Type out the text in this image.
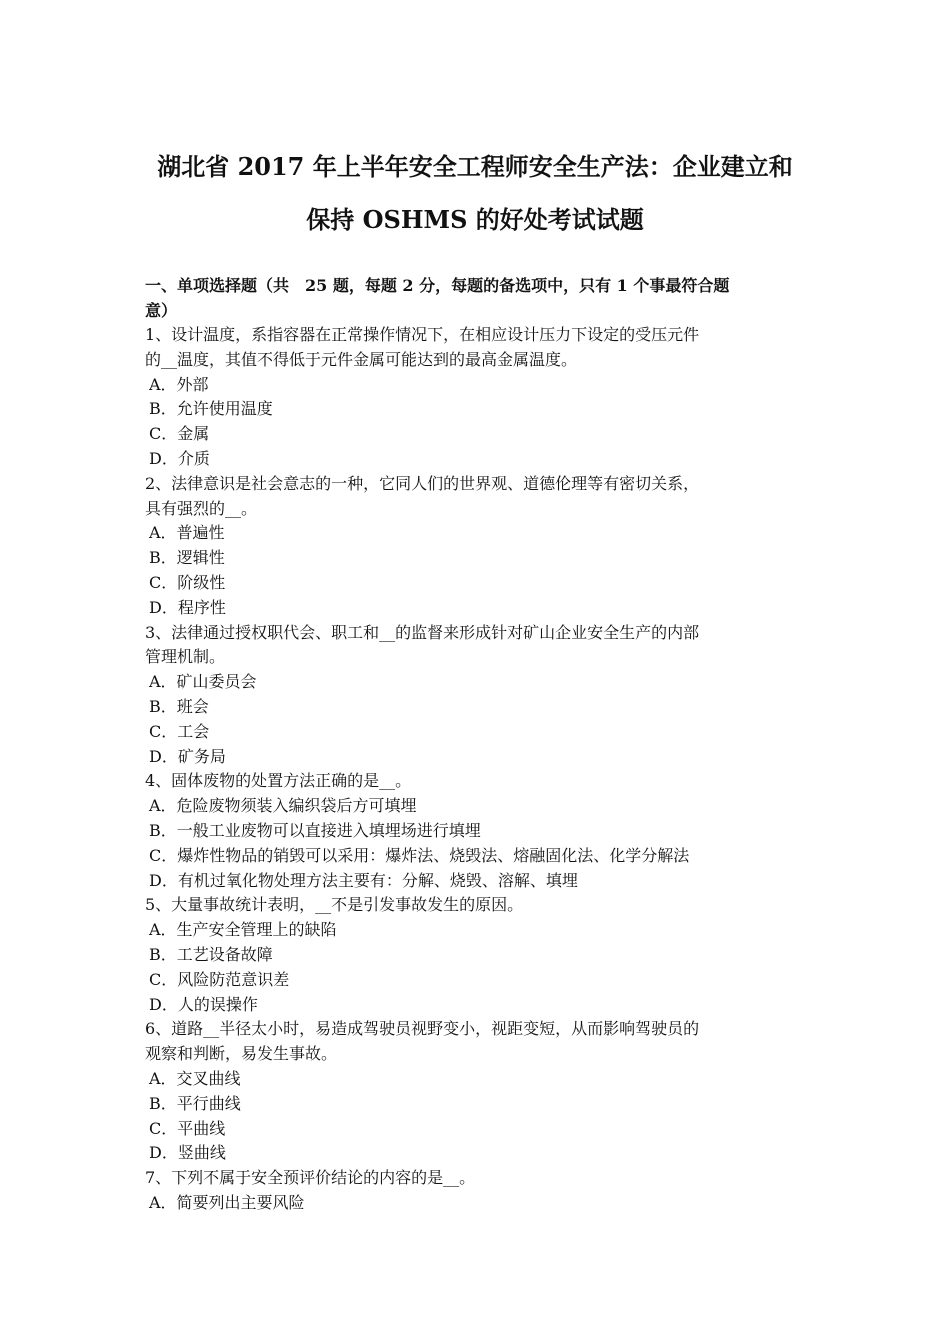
湖北省 2017 年上半年安全工程师安全生产法：企业建立和
保持 OSHMS 的好处考试试题
一、单项选择题（共　25 题，每题 2 分，每题的备选项中，只有 1 个事最符合题
意）
1、设计温度，系指容器在正常操作情况下，在相应设计压力下设定的受压元件
的__温度，其值不得低于元件金属可能达到的最高金属温度。
A．外部
B．允许使用温度
C．金属
D．介质
2、法律意识是社会意志的一种，它同人们的世界观、道德伦理等有密切关系，
具有强烈的__。
A．普遍性
B．逻辑性
C．阶级性
D．程序性
3、法律通过授权职代会、职工和__的监督来形成针对矿山企业安全生产的内部
管理机制。
A．矿山委员会
B．班会
C．工会
D．矿务局
4、固体废物的处置方法正确的是__。
A．危险废物须装入编织袋后方可填埋
B．一般工业废物可以直接进入填埋场进行填埋
C．爆炸性物品的销毁可以采用：爆炸法、烧毁法、熔融固化法、化学分解法
D．有机过氧化物处理方法主要有：分解、烧毁、溶解、填埋
5、大量事故统计表明，__不是引发事故发生的原因。
A．生产安全管理上的缺陷
B．工艺设备故障
C．风险防范意识差
D．人的误操作
6、道路__半径太小时，易造成驾驶员视野变小，视距变短，从而影响驾驶员的
观察和判断，易发生事故。
A．交叉曲线
B．平行曲线
C．平曲线
D．竖曲线
7、下列不属于安全预评价结论的内容的是__。
A．简要列出主要风险
